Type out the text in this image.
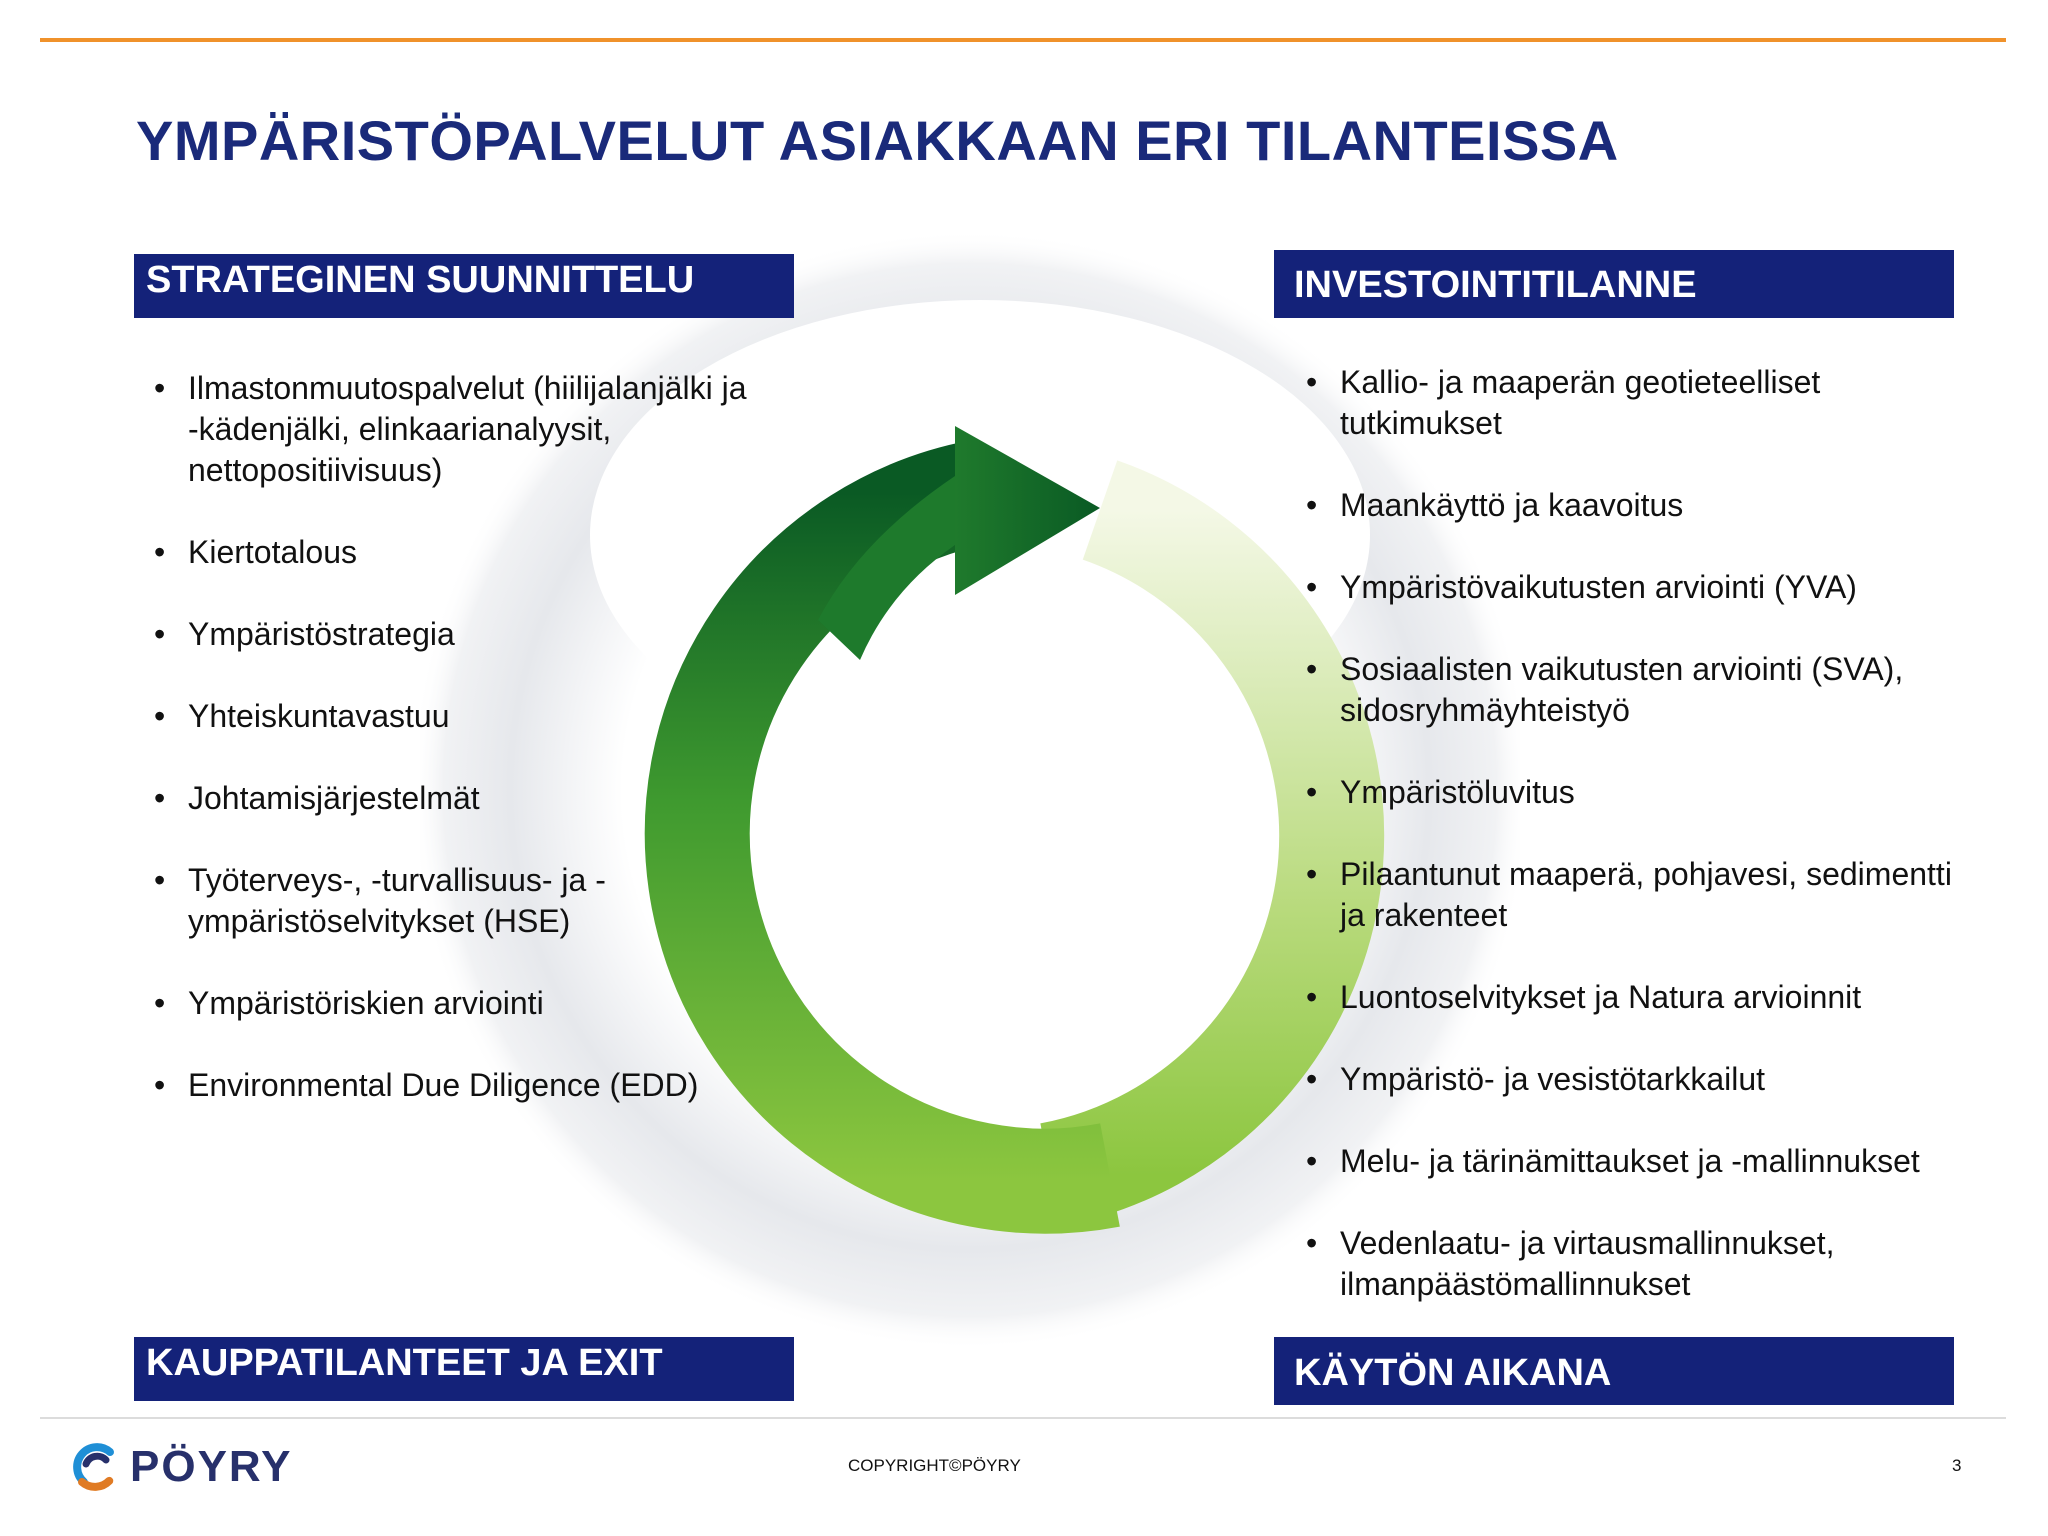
YMPÄRISTÖPALVELUT ASIAKKAAN ERI TILANTEISSA
STRATEGINEN SUUNNITTELU	INVESTOINTITILANNE
KAUPPATILANTEET JA EXIT	KÄYTÖN AIKANA
• Ilmastonmuutospalvelut (hiilijalanjälki ja -kädenjälki, elinkaarianalyysit, nettopositiivisuus)
• Kiertotalous
• Ympäristöstrategia
• Yhteiskuntavastuu
• Johtamisjärjestelmät
• Työterveys-, -turvallisuus- ja -ympäristöselvitykset (HSE)
• Ympäristöriskien arviointi
• Environmental Due Diligence (EDD)
• Kallio- ja maaperän geotieteelliset tutkimukset
• Maankäyttö ja kaavoitus
• Ympäristövaikutusten arviointi (YVA)
• Sosiaalisten vaikutusten arviointi (SVA), sidosryhmäyhteistyö
• Ympäristöluvitus
• Pilaantunut maaperä, pohjavesi, sedimentti ja rakenteet
• Luontoselvitykset ja Natura arvioinnit
• Ympäristö- ja vesistötarkkailut
• Melu- ja tärinämittaukset ja -mallinnukset
• Vedenlaatu- ja virtausmallinnukset, ilmanpäästömallinnukset
PÖYRY	COPYRIGHT©PÖYRY	3
